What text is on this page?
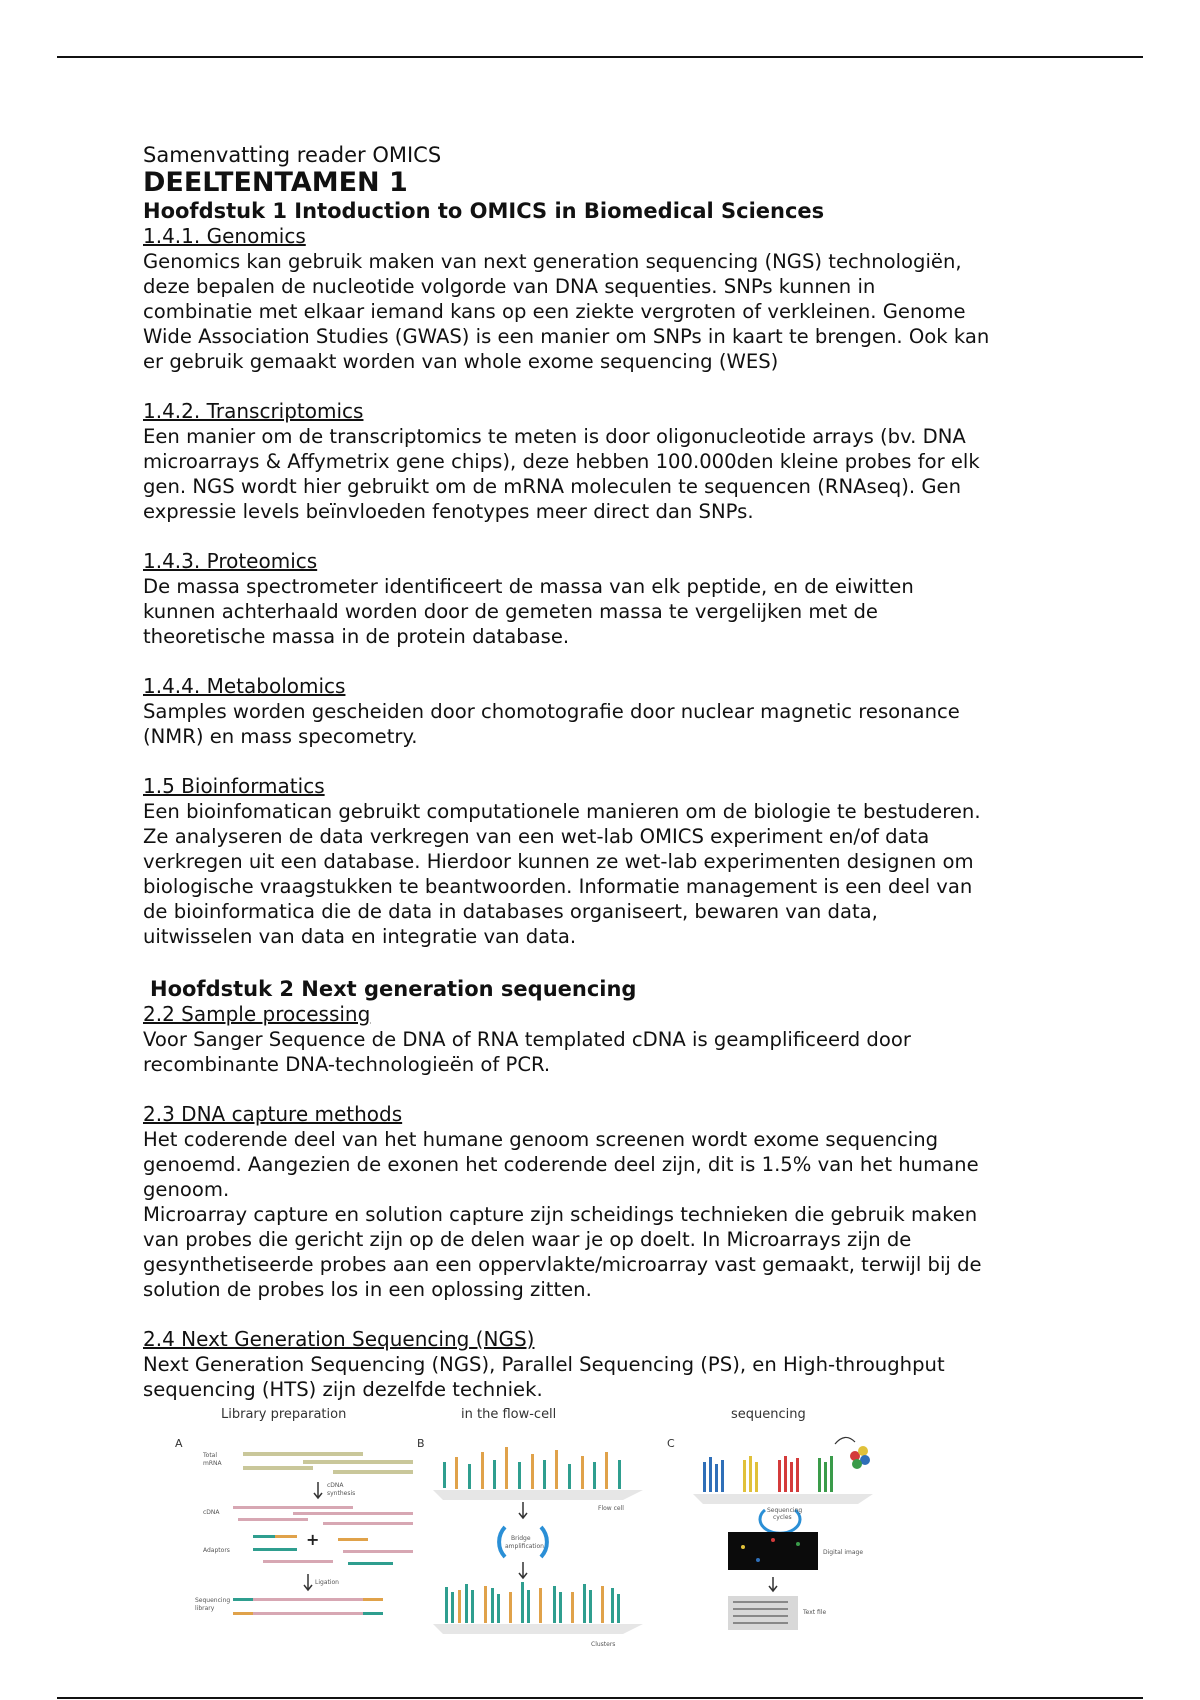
Samenvatting reader OMICS
DEELTENTAMEN 1
Hoofdstuk 1 Intoduction to OMICS in Biomedical Sciences
1.4.1. Genomics
Genomics kan gebruik maken van next generation sequencing (NGS) technologiën,
deze bepalen de nucleotide volgorde van DNA sequenties. SNPs kunnen in
combinatie met elkaar iemand kans op een ziekte vergroten of verkleinen. Genome
Wide Association Studies (GWAS) is een manier om SNPs in kaart te brengen. Ook kan
er gebruik gemaakt worden van whole exome sequencing (WES)
1.4.2. Transcriptomics
Een manier om de transcriptomics te meten is door oligonucleotide arrays (bv. DNA
microarrays & Affymetrix gene chips), deze hebben 100.000den kleine probes for elk
gen. NGS wordt hier gebruikt om de mRNA moleculen te sequencen (RNAseq). Gen
expressie levels beïnvloeden fenotypes meer direct dan SNPs.
1.4.3. Proteomics
De massa spectrometer identificeert de massa van elk peptide, en de eiwitten
kunnen achterhaald worden door de gemeten massa te vergelijken met de
theoretische massa in de protein database.
1.4.4. Metabolomics
Samples worden gescheiden door chomotografie door nuclear magnetic resonance
(NMR) en mass specometry.
1.5 Bioinformatics
Een bioinfomatican gebruikt computationele manieren om de biologie te bestuderen.
Ze analyseren de data verkregen van een wet-lab OMICS experiment en/of data
verkregen uit een database. Hierdoor kunnen ze wet-lab experimenten designen om
biologische vraagstukken te beantwoorden. Informatie management is een deel van
de bioinformatica die de data in databases organiseert, bewaren van data,
uitwisselen van data en integratie van data.
Hoofdstuk 2 Next generation sequencing
2.2 Sample processing
Voor Sanger Sequence de DNA of RNA templated cDNA is geamplificeerd door
recombinante DNA-technologieën of PCR.
2.3 DNA capture methods
Het coderende deel van het humane genoom screenen wordt exome sequencing
genoemd. Aangezien de exonen het coderende deel zijn, dit is 1.5% van het humane
genoom.
Microarray capture en solution capture zijn scheidings technieken die gebruik maken
van probes die gericht zijn op de delen waar je op doelt. In Microarrays zijn de
gesynthetiseerde probes aan een oppervlakte/microarray vast gemaakt, terwijl bij de
solution de probes los in een oplossing zitten.
2.4 Next Generation Sequencing (NGS)
Next Generation Sequencing (NGS), Parallel Sequencing (PS), en High-throughput
sequencing (HTS) zijn dezelfde techniek.
Library preparation
A
Total
mRNA
cDNA
synthesis
cDNA
+
Adaptors
Ligation
Sequencing
library
in the flow-cell
B
Flow cell
Bridge
amplification
Clusters
sequencing
C
Sequencing
cycles
Digital image
Text file
